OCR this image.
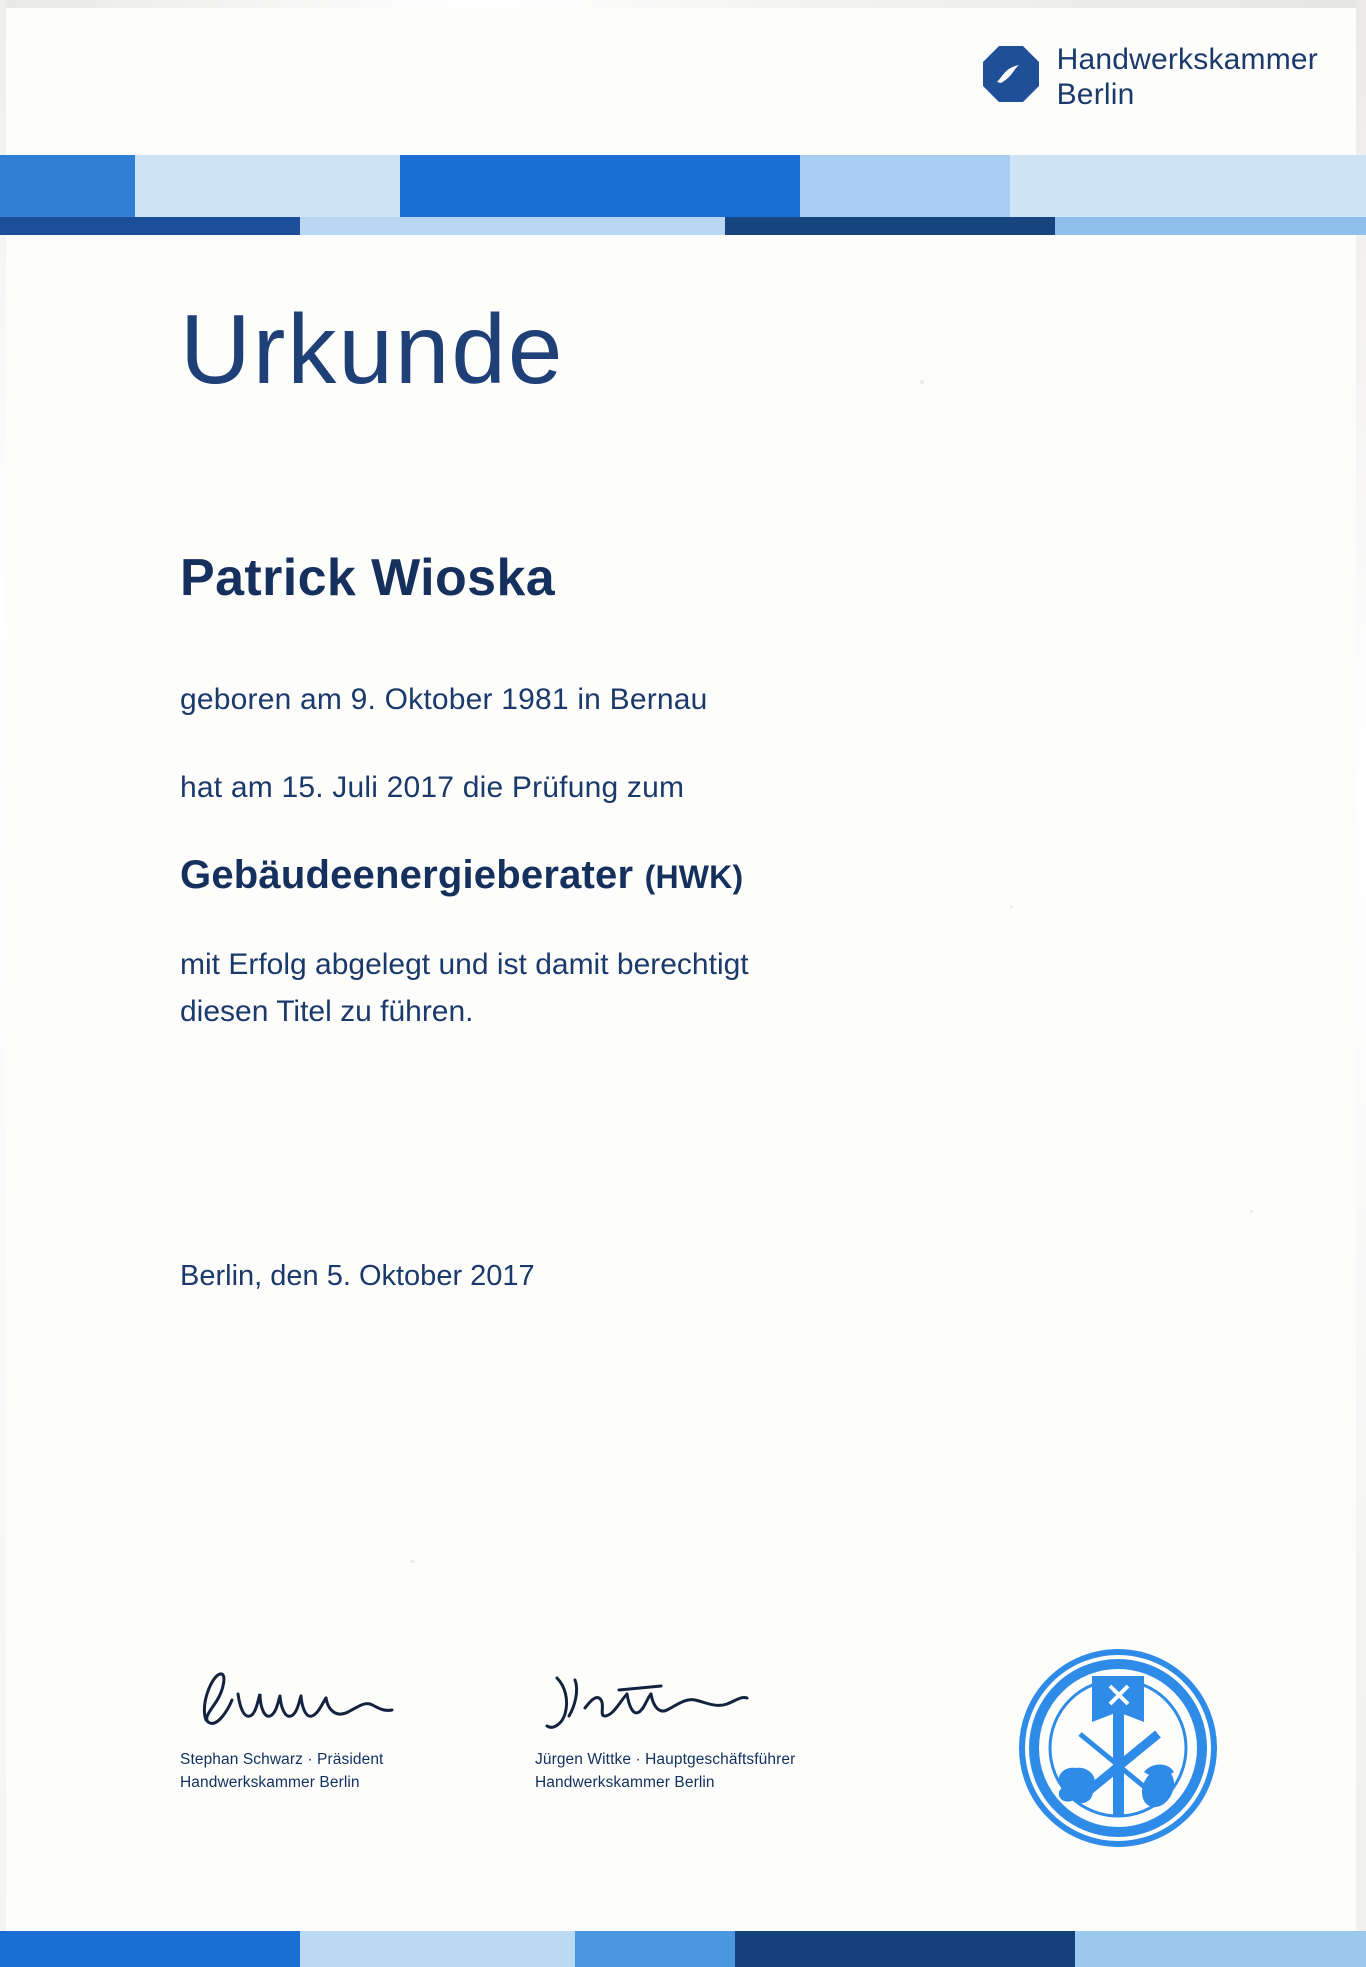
Handwerkskammer
Berlin
Urkunde
Patrick Wioska

geboren am 9. Oktober 1981 in Bernau

hat am 15. Juli 2017 die Prüfung zum

Gebäudeenergieberater (HWK)

mit Erfolg abgelegt und ist damit berechtigt

diesen Titel zu führen.

Berlin, den 5. Oktober 2017
Stephan Schwarz · Präsident
Handwerkskammer Berlin
Jürgen Wittke · Hauptgeschäftsführer
Handwerkskammer Berlin
